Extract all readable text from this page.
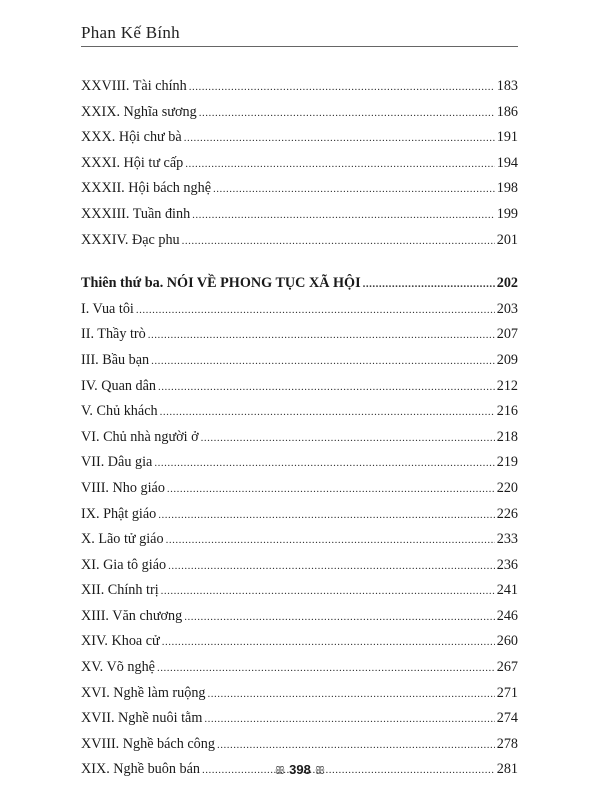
Phan Kế Bính
XXVIII. Tài chính .....	183
XXIX. Nghĩa sương .....	186
XXX. Hội chư bà .....	191
XXXI. Hội tư cấp .....	194
XXXII. Hội bách nghệ .....	198
XXXIII. Tuần đinh .....	199
XXXIV. Đạc phu .....	201
Thiên thứ ba. NÓI VỀ PHONG TỤC XÃ HỘI .....	202
I. Vua tôi .....	203
II. Thầy trò .....	207
III. Bầu bạn .....	209
IV. Quan dân .....	212
V. Chủ khách .....	216
VI. Chủ nhà người ở .....	218
VII. Dâu gia .....	219
VIII. Nho giáo .....	220
IX. Phật giáo .....	226
X. Lão tử giáo .....	233
XI. Gia tô giáo .....	236
XII. Chính trị .....	241
XIII. Văn chương .....	246
XIV. Khoa cử .....	260
XV. Võ nghệ .....	267
XVI. Nghề làm ruộng .....	271
XVII. Nghề nuôi tằm .....	274
XVIII. Nghề bách công .....	278
XIX. Nghề buôn bán .....	281
ꕥ 398 ꕥ
